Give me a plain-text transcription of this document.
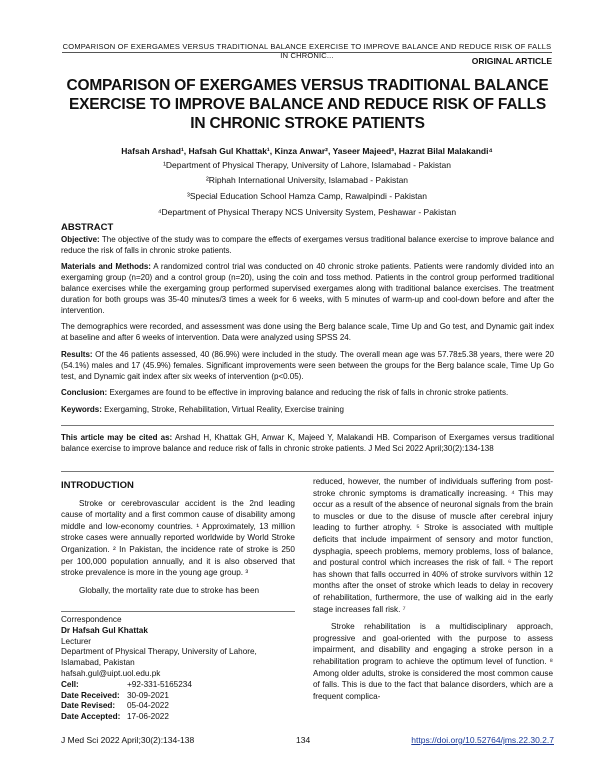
COMPARISON OF EXERGAMES VERSUS TRADITIONAL BALANCE EXERCISE TO IMPROVE BALANCE AND REDUCE RISK OF FALLS IN CHRONIC...
ORIGINAL ARTICLE
COMPARISON OF EXERGAMES VERSUS TRADITIONAL BALANCE
EXERCISE TO IMPROVE BALANCE AND REDUCE RISK OF FALLS
IN CHRONIC STROKE PATIENTS
Hafsah Arshad¹, Hafsah Gul Khattak¹, Kinza Anwar², Yaseer Majeed³, Hazrat Bilal Malakandi⁴
¹Department of Physical Therapy, University of Lahore, Islamabad - Pakistan
²Riphah International University, Islamabad - Pakistan
³Special Education School Hamza Camp, Rawalpindi - Pakistan
⁴Department of Physical Therapy NCS University System, Peshawar - Pakistan
ABSTRACT

Objective: The objective of the study was to compare the effects of exergames versus traditional balance exercise to improve balance and reduce the risk of falls in chronic stroke patients.

Materials and Methods: A randomized control trial was conducted on 40 chronic stroke patients. Patients were randomly divided into an exergaming group (n=20) and a control group (n=20), using the coin and toss method. Patients in the control group performed traditional balance exercises while the exergaming group performed supervised exergames along with traditional balance exercises. The treatment duration for both groups was 35-40 minutes/3 times a week for 6 weeks, with 5 minutes of warm-up and cool-down before and after the intervention.

The demographics were recorded, and assessment was done using the Berg balance scale, Time Up and Go test, and Dynamic gait index at baseline and after 6 weeks of intervention. Data were analyzed using SPSS 24.

Results: Of the 46 patients assessed, 40 (86.9%) were included in the study. The overall mean age was 57.78±5.38 years, there were 20 (54.1%) males and 17 (45.9%) females. Significant improvements were seen between the groups for the Berg balance scale, Time Up Go test, and Dynamic gait index after six weeks of intervention (p<0.05).

Conclusion: Exergames are found to be effective in improving balance and reducing the risk of falls in chronic stroke patients.

Keywords: Exergaming, Stroke, Rehabilitation, Virtual Reality, Exercise training

This article may be cited as: Arshad H, Khattak GH, Anwar K, Majeed Y, Malakandi HB. Comparison of Exergames versus traditional balance exercise to improve balance and reduce risk of falls in chronic stroke patients. J Med Sci 2022 April;30(2):134-138
INTRODUCTION

Stroke or cerebrovascular accident is the 2nd leading cause of mortality and a first common cause of disability among middle and low-economy countries. ¹ Approximately, 13 million stroke cases were annually reported worldwide by World Stroke Organization. ² In Pakistan, the incidence rate of stroke is 250 per 100,000 population annually, and it is also observed that stroke prevalence is more in the young age group. ³

Globally, the mortality rate due to stroke has been

Correspondence
Dr Hafsah Gul Khattak
Lecturer
Department of Physical Therapy, University of Lahore,
Islamabad, Pakistan
hafsah.gul@uipt.uol.edu.pk
Cell:	+92-331-5165234
Date Received: 30-09-2021
Date Revised: 05-04-2022
Date Accepted: 17-06-2022

reduced, however, the number of individuals suffering from post-stroke chronic symptoms is dramatically increasing. ⁴ This may occur as a result of the absence of neuronal signals from the brain to muscles or due to the disuse of muscle after cerebral injury leading to further atrophy. ⁵ Stroke is associated with multiple deficits that include impairment of sensory and motor function, dysphagia, speech problems, memory problems, loss of balance, and postural control which increases the risk of fall. ⁶ The report has shown that falls occurred in 40% of stroke survivors within 12 months after the onset of stroke which leads to delay in recovery of rehabilitation, furthermore, the use of walking aid in the early stage increases fall risk. ⁷

Stroke rehabilitation is a multidisciplinary approach, progressive and goal-oriented with the purpose to assess impairment, and disability and engaging a stroke person in a rehabilitation program to achieve the optimum level of function. ⁸ Among older adults, stroke is considered the most common cause of falls. This is due to the fact that balance disorders, which are a frequent complica-

J Med Sci 2022 April;30(2):134-138	134	https://doi.org/10.52764/jms.22.30.2.7
